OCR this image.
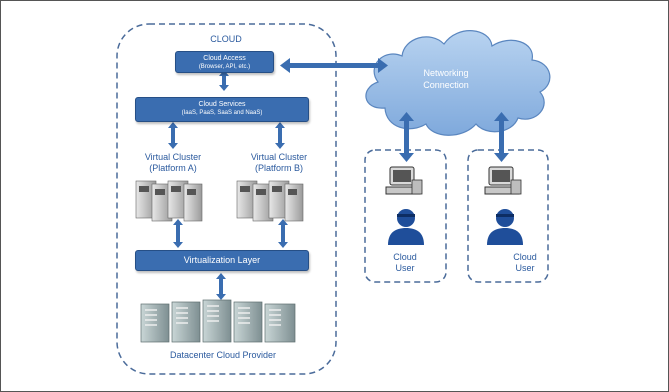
CLOUD
Cloud Access
(Browser, API, etc.)
Cloud Services
(IaaS, PaaS, SaaS and NaaS)
Virtual Cluster
(Platform A)
Virtual Cluster
(Platform B)
Virtualization Layer
Datacenter Cloud Provider
Networking
Connection
Cloud
User
Cloud
User
